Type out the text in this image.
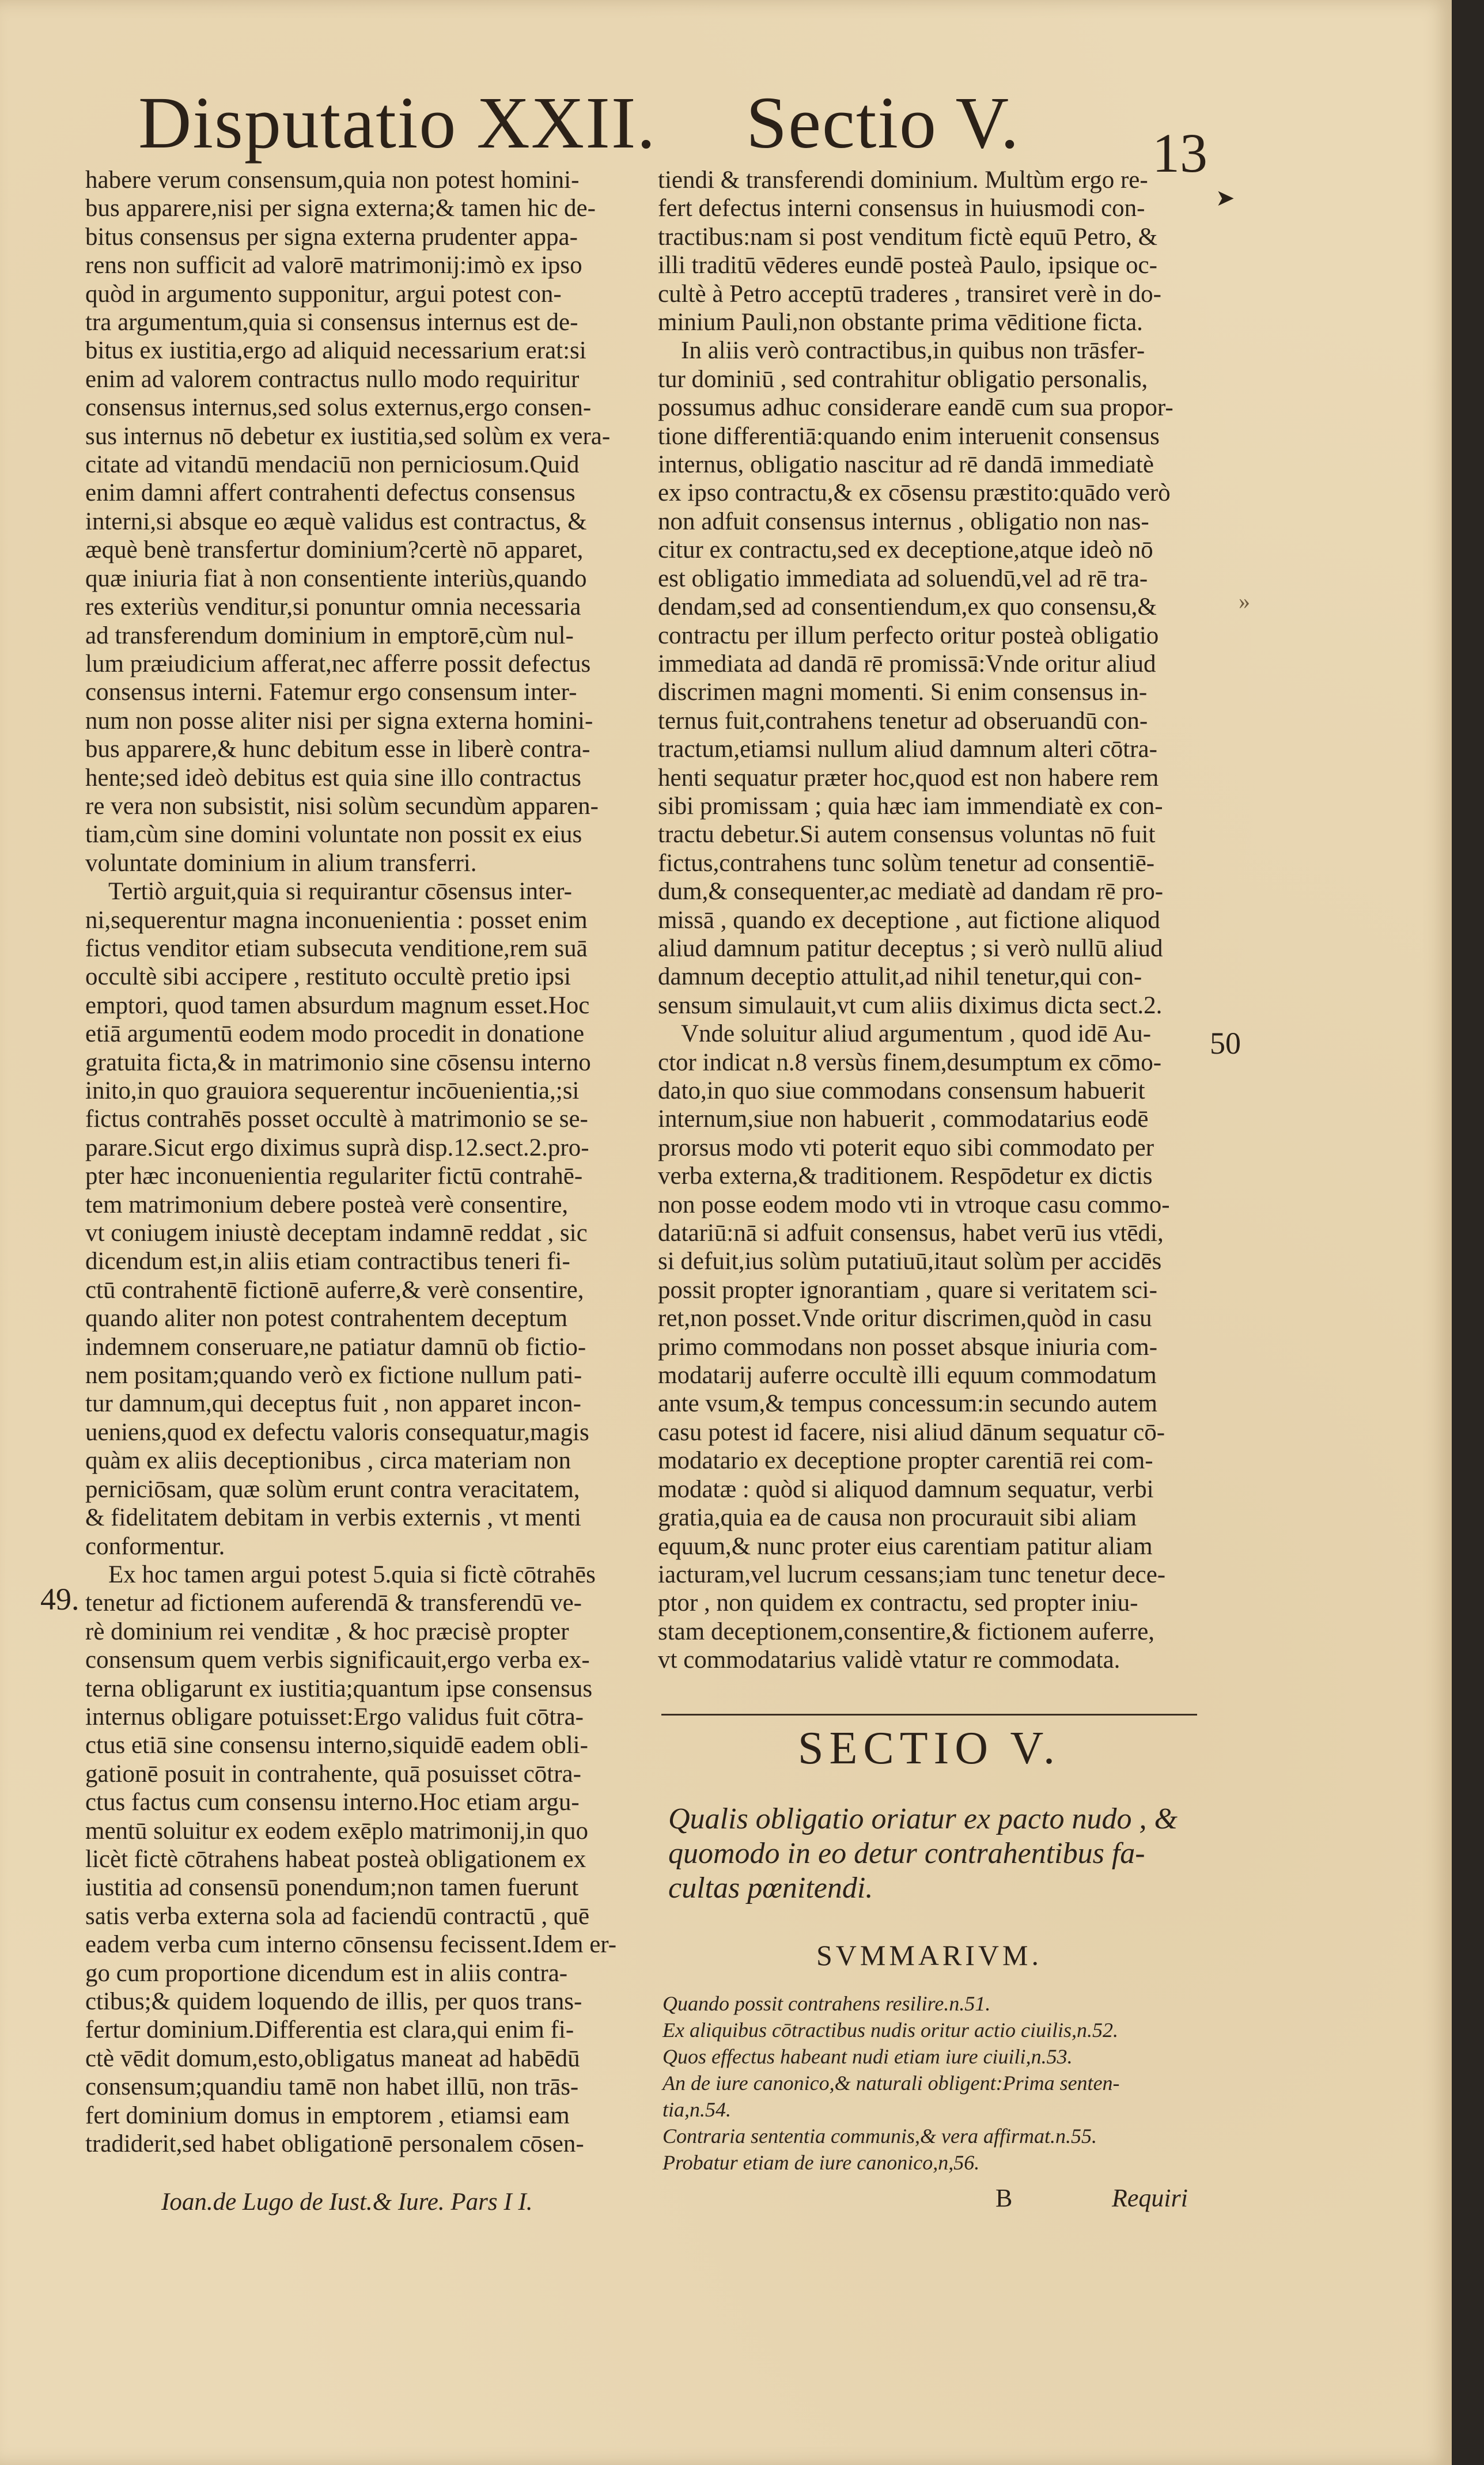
Disputatio XXII. Sectio V. 13

habere verum consensum,quia non potest homini-
bus apparere,nisi per signa externa;& tamen hic de-
bitus consensus per signa externa prudenter appa-
rens non sufficit ad valorē matrimonij:imò ex ipso
quòd in argumento supponitur, argui potest con-
tra argumentum,quia si consensus internus est de-
bitus ex iustitia,ergo ad aliquid necessarium erat:si
enim ad valorem contractus nullo modo requiritur
consensus internus,sed solus externus,ergo consen-
sus internus nō debetur ex iustitia,sed solùm ex vera-
citate ad vitandū mendaciū non perniciosum.Quid
enim damni affert contrahenti defectus consensus
interni,si absque eo æquè validus est contractus, &
æquè benè transfertur dominium?certè nō apparet,
quæ iniuria fiat à non consentiente interiùs,quando
res exteriùs venditur,si ponuntur omnia necessaria
ad transferendum dominium in emptorē,cùm nul-
lum præiudicium afferat,nec afferre possit defectus
consensus interni. Fatemur ergo consensum inter-
num non posse aliter nisi per signa externa homini-
bus apparere,& hunc debitum esse in liberè contra-
hente;sed ideò debitus est quia sine illo contractus
re vera non subsistit, nisi solùm secundùm apparen-
tiam,cùm sine domini voluntate non possit ex eius
voluntate dominium in alium transferri.

Tertiò arguit,quia si requirantur cōsensus inter-
ni,sequerentur magna inconuenientia : posset enim
fictus venditor etiam subsecuta venditione,rem suā
occultè sibi accipere , restituto occultè pretio ipsi
emptori, quod tamen absurdum magnum esset.Hoc
etiā argumentū eodem modo procedit in donatione
gratuita ficta,& in matrimonio sine cōsensu interno
inito,in quo grauiora sequerentur incōuenientia,;si
fictus contrahēs posset occultè à matrimonio se se-
parare.Sicut ergo diximus suprà disp.12.sect.2.pro-
pter hæc inconuenientia regulariter fictū contrahē-
tem matrimonium debere posteà verè consentire,
vt coniugem iniustè deceptam indamnē reddat , sic
dicendum est,in aliis etiam contractibus teneri fi-
ctū contrahentē fictionē auferre,& verè consentire,
quando aliter non potest contrahentem deceptum
indemnem conseruare,ne patiatur damnū ob fictio-
nem positam;quando verò ex fictione nullum pati-
tur damnum,qui deceptus fuit , non apparet incon-
ueniens,quod ex defectu valoris consequatur,magis
quàm ex aliis deceptionibus , circa materiam non
perniciōsam, quæ solùm erunt contra veracitatem,
& fidelitatem debitam in verbis externis , vt menti
conformentur.

Ex hoc tamen argui potest 5.quia si fictè cōtrahēs
tenetur ad fictionem auferendā & transferendū ve-
rè dominium rei venditæ , & hoc præcisè propter
consensum quem verbis significauit,ergo verba ex-
terna obligarunt ex iustitia;quantum ipse consensus
internus obligare potuisset:Ergo validus fuit cōtra-
ctus etiā sine consensu interno,siquidē eadem obli-
gationē posuit in contrahente, quā posuisset cōtra-
ctus factus cum consensu interno.Hoc etiam argu-
mentū soluitur ex eodem exēplo matrimonij,in quo
licèt fictè cōtrahens habeat posteà obligationem ex
iustitia ad consensū ponendum;non tamen fuerunt
satis verba externa sola ad faciendū contractū , quē
eadem verba cum interno cōnsensu fecissent.Idem er-
go cum proportione dicendum est in aliis contra-
ctibus;& quidem loquendo de illis, per quos trans-
fertur dominium.Differentia est clara,qui enim fi-
ctè vēdit domum,esto,obligatus maneat ad habēdū
consensum;quandiu tamē non habet illū, non trās-
fert dominium domus in emptorem , etiamsi eam
tradiderit,sed habet obligationē personalem cōsen-

49.
➤
»
Ioan.de Lugo de Iust.& Iure. Pars I I.

tiendi & transferendi dominium. Multùm ergo re-
fert defectus interni consensus in huiusmodi con-
tractibus:nam si post venditum fictè equū Petro, &
illi traditū vēderes eundē posteà Paulo, ipsique oc-
cultè à Petro acceptū traderes , transiret verè in do-
minium Pauli,non obstante prima vēditione ficta.

In aliis verò contractibus,in quibus non trāsfer-
tur dominiū , sed contrahitur obligatio personalis,
possumus adhuc considerare eandē cum sua propor-
tione differentiā:quando enim interuenit consensus
internus, obligatio nascitur ad rē dandā immediatè
ex ipso contractu,& ex cōsensu præstito:quādo verò
non adfuit consensus internus , obligatio non nas-
citur ex contractu,sed ex deceptione,atque ideò nō
est obligatio immediata ad soluendū,vel ad rē tra-
dendam,sed ad consentiendum,ex quo consensu,&
contractu per illum perfecto oritur posteà obligatio
immediata ad dandā rē promissā:Vnde oritur aliud
discrimen magni momenti. Si enim consensus in-
ternus fuit,contrahens tenetur ad obseruandū con-
tractum,etiamsi nullum aliud damnum alteri cōtra-
henti sequatur præter hoc,quod est non habere rem
sibi promissam ; quia hæc iam immendiatè ex con-
tractu debetur.Si autem consensus voluntas nō fuit
fictus,contrahens tunc solùm tenetur ad consentiē-
dum,& consequenter,ac mediatè ad dandam rē pro-
missā , quando ex deceptione , aut fictione aliquod
aliud damnum patitur deceptus ; si verò nullū aliud
damnum deceptio attulit,ad nihil tenetur,qui con-
sensum simulauit,vt cum aliis diximus dicta sect.2.

Vnde soluitur aliud argumentum , quod idē Au-
ctor indicat n.8 versùs finem,desumptum ex cōmo-
dato,in quo siue commodans consensum habuerit
internum,siue non habuerit , commodatarius eodē
prorsus modo vti poterit equo sibi commodato per
verba externa,& traditionem. Respōdetur ex dictis
non posse eodem modo vti in vtroque casu commo-
datariū:nā si adfuit consensus, habet verū ius vtēdi,
si defuit,ius solùm putatiuū,itaut solùm per accidēs
possit propter ignorantiam , quare si veritatem sci-
ret,non posset.Vnde oritur discrimen,quòd in casu
primo commodans non posset absque iniuria com-
modatarij auferre occultè illi equum commodatum
ante vsum,& tempus concessum:in secundo autem
casu potest id facere, nisi aliud dānum sequatur cō-
modatario ex deceptione propter carentiā rei com-
modatæ : quòd si aliquod damnum sequatur, verbi
gratia,quia ea de causa non procurauit sibi aliam
equum,& nunc proter eius carentiam patitur aliam
iacturam,vel lucrum cessans;iam tunc tenetur dece-
ptor , non quidem ex contractu, sed propter iniu-
stam deceptionem,consentire,& fictionem auferre,
vt commodatarius validè vtatur re commodata.

50
SECTIO V.
Qualis obligatio oriatur ex pacto nudo , &
quomodo in eo detur contrahentibus fa-
cultas pœnitendi.
SVMMARIVM.
Quando possit contrahens resilire.n.51.
Ex aliquibus cōtractibus nudis oritur actio ciuilis,n.52.
Quos effectus habeant nudi etiam iure ciuili,n.53.
An de iure canonico,& naturali obligent:Prima senten-
tia,n.54.
Contraria sententia communis,& vera affirmat.n.55.
Probatur etiam de iure canonico,n,56.
B	Requiri
